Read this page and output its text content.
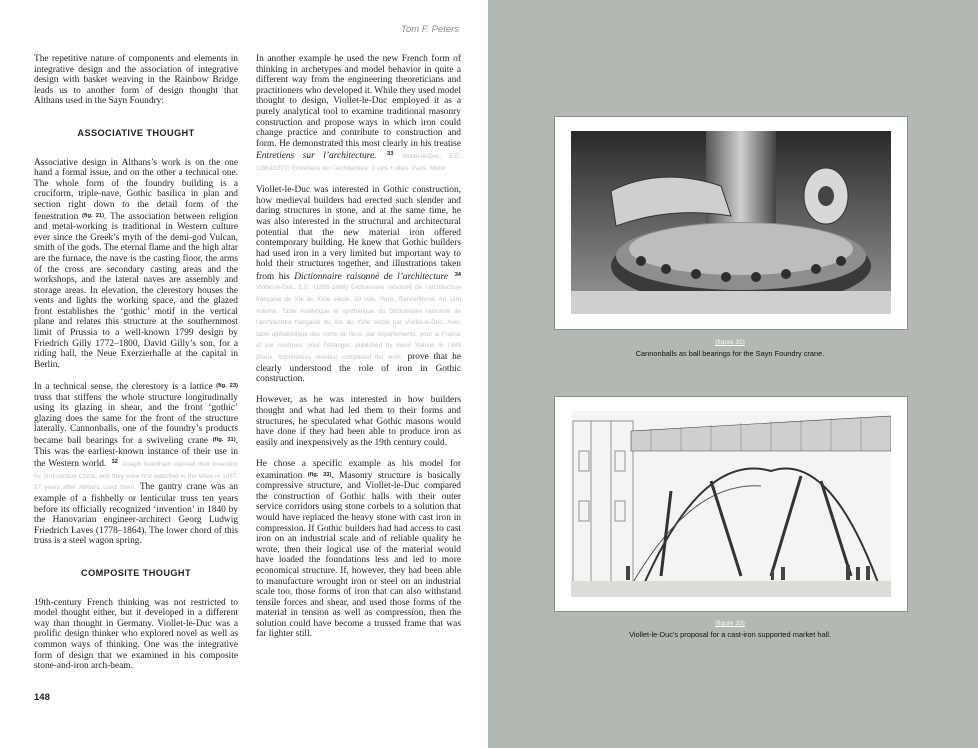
Tom F. Peters

The repetitive nature of components and elements in integrative design and the association of integrative design with basket weaving in the Rainbow Bridge leads us to another form of design thought that Althans used in the Sayn Foundry:

ASSOCIATIVE THOUGHT

Associative design in Althans’s work is on the one hand a formal issue, and on the other a technical one. The whole form of the foundry building is a cruciform, triple-nave, Gothic basilica in plan and section right down to the detail form of the fenestration $^{(fig. 21)}$. The association between religion and metal-working is traditional in Western culture ever since the Greek’s myth of the demi-god Vulcan, smith of the gods. The eternal flame and the high altar are the furnace, the nave is the casting floor, the arms of the cross are secondary casting areas and the workshops, and the lateral naves are assembly and storage areas. In elevation, the clerestory houses the vents and lights the working space, and the glazed front establishes the ‘gothic’ motif in the vertical plane and relates this structure at the southernmost limit of Prussia to a well-known 1799 design by Friedrich Gilly 1772–1800, David Gilly’s son, for a riding hall, the Neue Exerzierhalle at the capital in Berlin.

In a technical sense, the clerestory is a lattice $^{(fig. 23)}$ truss that stiffens the whole structure longitudinally using its glazing in shear, and the front ‘gothic’ glazing does the same for the front of the structure laterally. Cannonballs, one of the foundry’s products became ball bearings for a swiveling crane $^{(fig. 31)}$. This was the earliest-known instance of their use in the Western world. $^{32}$ Joseph Needham claimed their invention for 2nd-century China, and they were first patented in the West in 1867, 27 years after Althans used them. The gantry crane was an example of a fishbelly or lenticular truss ten years before its officially recognized ‘invention’ in 1840 by the Hanovarian engineer-architect Georg Ludwig Friedrich Laves (1778–1864). The lower chord of this truss is a steel wagon spring.

COMPOSITE THOUGHT

19th-century French thinking was not restricted to model thought either, but it developed in a different way than thought in Germany. Viollet-le-Duc was a prolific design thinker who explored novel as well as common ways of thinking. One was the integrative form of design that we examined in his composite stone-and-iron arch-beam.

In another example he used the new French form of thinking in archetypes and model behavior in quite a different way from the engineering theoreticians and practitioners who developed it. While they used model thought to design, Viollet-le-Duc employed it as a purely analytical tool to examine traditional masonry construction and propose ways in which iron could change practice and contribute to construction and form. He demonstrated this most clearly in his treatise Entretiens sur l’architecture. $^{33}$ Viollet-le-Duc, E.E. (1863/1872) Entretiens sur l’architecture. 2 vols + atlas. Paris, Morel

Viollet-le-Duc was interested in Gothic construction, how medieval builders had erected such slender and daring structures in stone, and at the same time, he was also interested in the structural and architectural potential that the new material iron offered contemporary building. He knew that Gothic builders had used iron in a very limited but important way to hold their structures together, and illustrations taken from his Dictionnaire raisonné de l’architecture $^{34}$ Viollet-le-Duc, E.E. (1858-1868) Dictionnaire raisonné de l’architecture française du XIe au XVIe siècle, 10 vols. Paris, Bance/Morel. An 11th volume, Table Analytique et synthétique du Dictionnaire raisonné de l’architecture française du XIe au XVIe siècle par Viollet-le-Duc. Avec table alphabétique des noms de lieux, par départements, pour la France et par contrées, pour l’étranger, published by Henri Sabine in 1889 (Paris, Imprimeries réunies) completed the work. prove that he clearly understood the role of iron in Gothic construction.

However, as he was interested in how builders thought and what had led them to their forms and structures, he speculated what Gothic masons would have done if they had been able to produce iron as easily and inexpensively as the 19th century could.

He chose a specific example as his model for examination $^{(fig. 33)}$. Masonry structure is basically compressive structure, and Viollet-le-Duc compared the construction of Gothic halls with their outer service corridors using stone corbels to a solution that would have replaced the heavy stone with cast iron in compression. If Gothic builders had had access to cast iron on an industrial scale and of reliable quality he wrote, then their logical use of the material would have loaded the foundations less and led to more economical structure. If, however, they had been able to manufacture wrought iron or steel on an industrial scale too, those forms of iron that can also withstand tensile forces and shear, and used those forms of the material in tension as well as compression, then the solution could have become a trussed frame that was far lighter still.

148
(figure 31)
Cannonballs as ball bearings for the Sayn Foundry crane.
(figure 33)
Viollet-le-Duc’s proposal for a cast-iron supported market hall.
